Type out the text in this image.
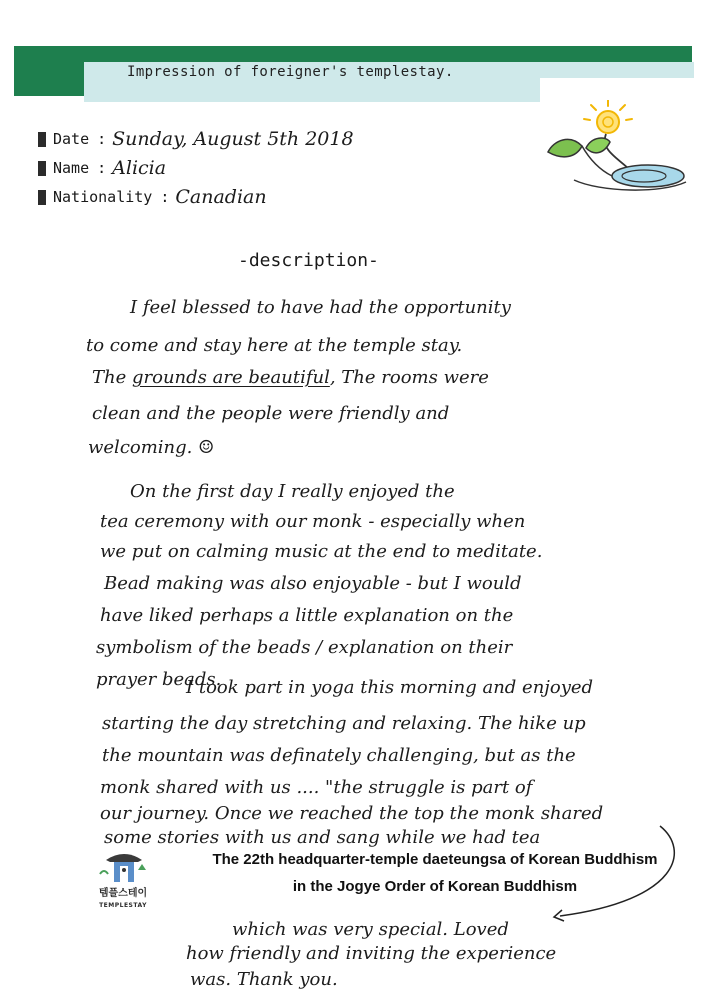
Impression of foreigner's templestay.
Date : Sunday, August 5th 2018
Name : Alicia
Nationality : Canadian
-description-
I feel blessed to have had the opportunity
to come and stay here at the temple stay.
The grounds are beautiful, The rooms were
clean and the people were friendly and
welcoming. ☺
On the first day I really enjoyed the
tea ceremony with our monk - especially when
we put on calming music at the end to meditate.
Bead making was also enjoyable - but I would
have liked perhaps a little explanation on the
symbolism of the beads / explanation on their
prayer beads.
I took part in yoga this morning and enjoyed
starting the day stretching and relaxing. The hike up
the mountain was definately challenging, but as the
monk shared with us .... "the struggle is part of
our journey. Once we reached the top the monk shared
some stories with us and sang while we had tea
The 22th headquarter-temple daeteungsa of Korean Buddhism
in the Jogye Order of Korean Buddhism
템플스테이
TEMPLESTAY
which was very special. Loved
how friendly and inviting the experience
was. Thank you.
